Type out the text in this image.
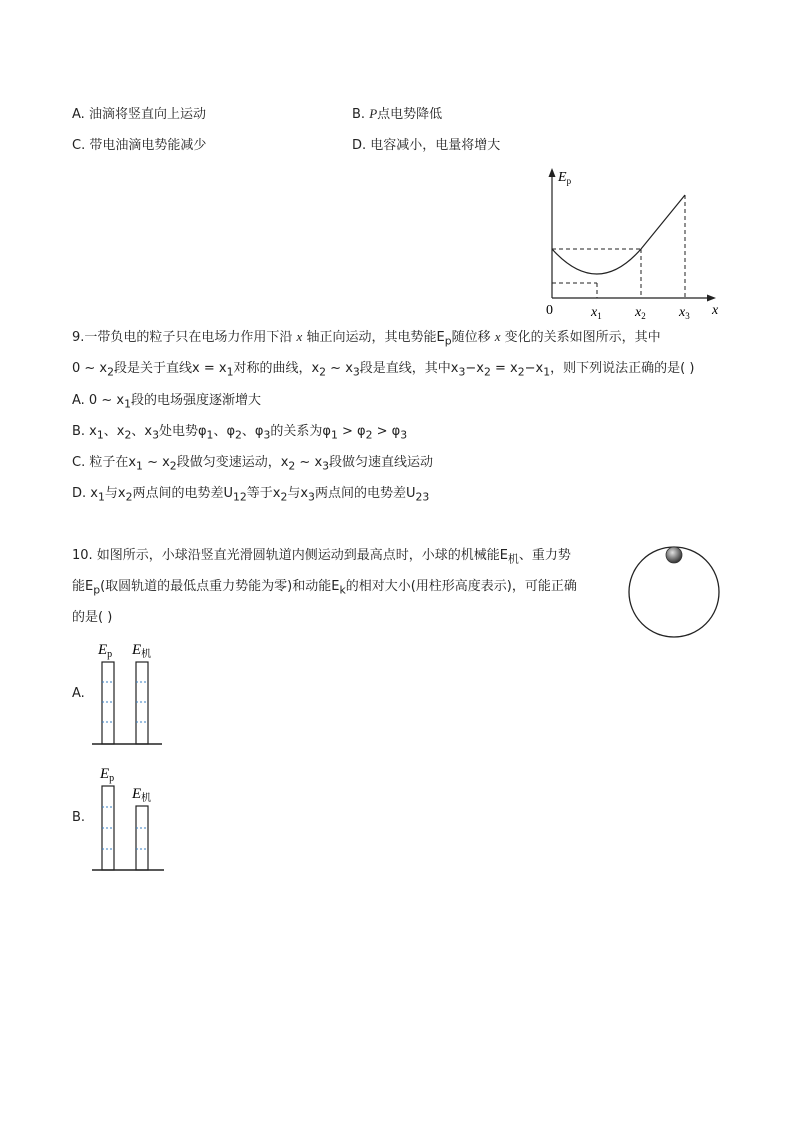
A. 油滴将竖直向上运动	B. P点电势降低
C. 带电油滴电势能减少	D. 电容减小，电量将增大
$E_p$
0	$x_1$ $x_2$ $x_3$ x
9.一带负电的粒子只在电场力作用下沿 x 轴正向运动，其电势能$E_p$随位移 x 变化的关系如图所示，其中
0 ~ $x_2$段是关于直线$x = x_1$对称的曲线，$x_2$ ~ $x_3$段是直线，其中$x_3-x_2 = x_2-x_1$，则下列说法正确的是( )
A. 0 ~ $x_1$段的电场强度逐渐增大
B. $x_1$、$x_2$、$x_3$处电势$\varphi_1$、$\varphi_2$、$\varphi_3$的关系为$\varphi_1 > \varphi_2 > \varphi_3$
C. 粒子在$x_1$ ~ $x_2$段做匀变速运动，$x_2$ ~ $x_3$段做匀速直线运动
D. $x_1$与$x_2$两点间的电势差$U_{12}$等于$x_2$与$x_3$两点间的电势差$U_{23}$
10. 如图所示，小球沿竖直光滑圆轨道内侧运动到最高点时，小球的机械能$E_机$、重力势
能$E_p$(取圆轨道的最低点重力势能为零)和动能$E_k$的相对大小(用柱形高度表示)，可能正确
的是( )
A.
$E_p$ $E_机$
B.
$E_p$
$E_机$
